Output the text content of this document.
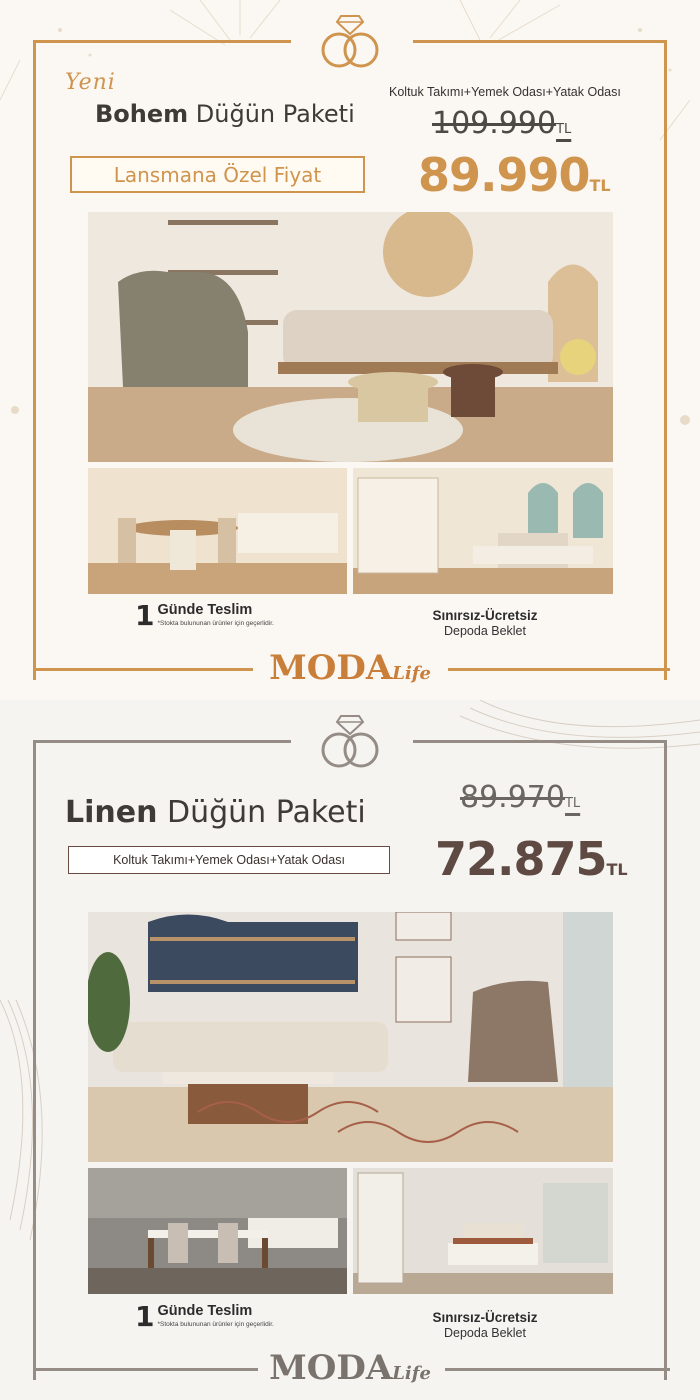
Yeni
Bohem Düğün Paketi
Koltuk Takımı+Yemek Odası+Yatak Odası
Lansmana Özel Fiyat
109.990TL
89.990TL
1 Günde Teslim
*Stokta bulununan ürünler için geçerlidir.
Sınırsız-Ücretsiz
Depoda Beklet
MODALife
Linen Düğün Paketi
Koltuk Takımı+Yemek Odası+Yatak Odası
89.970TL
72.875TL
1 Günde Teslim
*Stokta bulununan ürünler için geçerlidir.	Sınırsız-Ücretsiz
Depoda Beklet
MODALife
